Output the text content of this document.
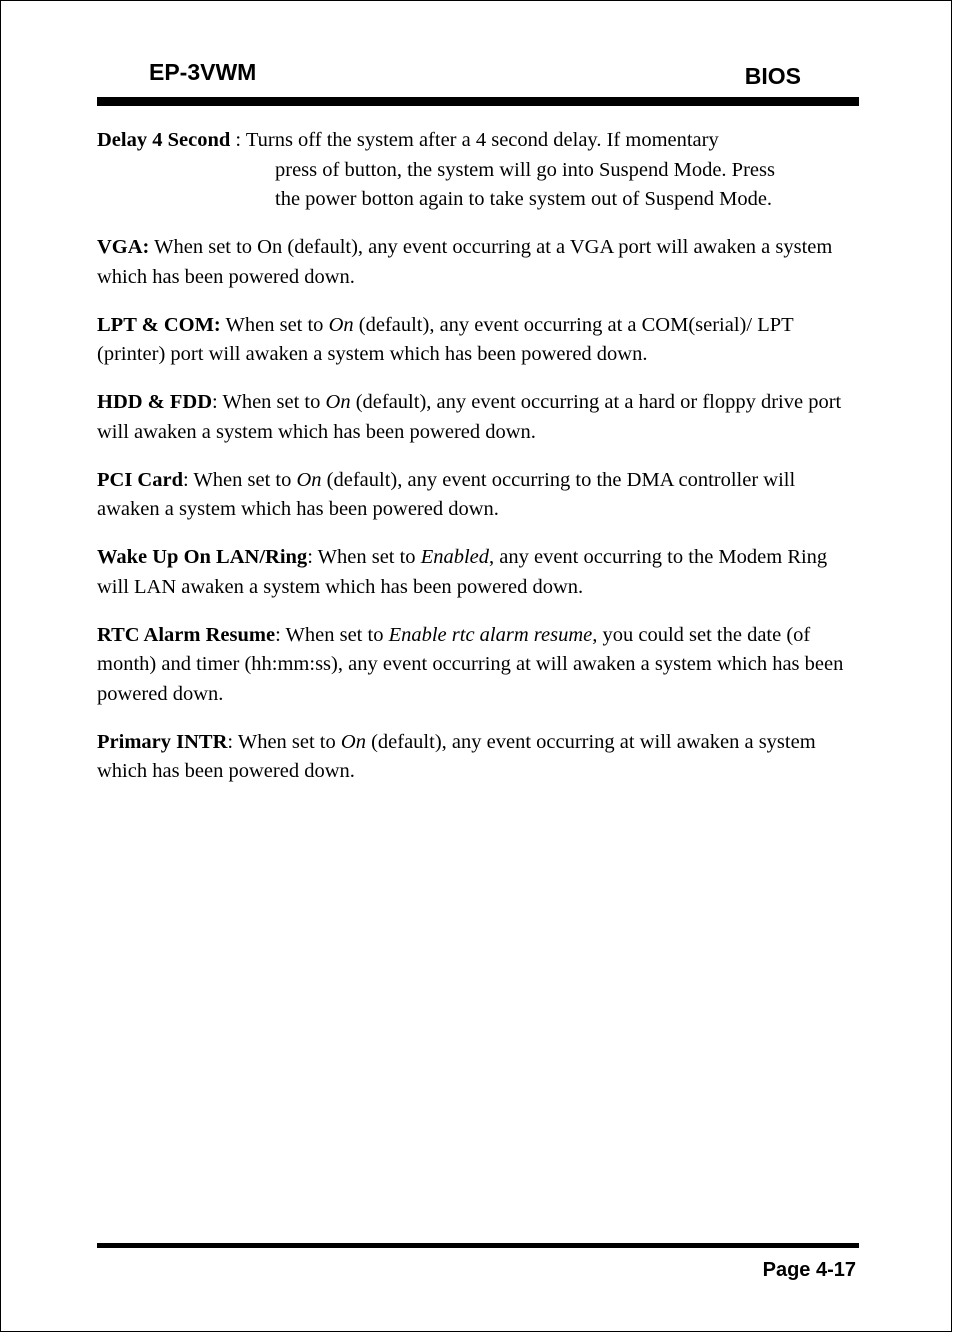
EP-3VWM	BIOS

Delay 4 Second : Turns off the system after a 4 second delay. If momentary
press of button, the system will go into Suspend Mode. Press
the power botton again to take system out of Suspend Mode.

VGA: When set to On (default), any event occurring at a VGA port will awaken a system which has been powered down.

LPT & COM: When set to On (default), any event occurring at a COM(serial)/ LPT (printer) port will awaken a system which has been powered down.

HDD & FDD: When set to On (default), any event occurring at a hard or floppy drive port will awaken a system which has been powered down.

PCI Card: When set to On (default), any event occurring to the DMA controller will awaken a system which has been powered down.

Wake Up On LAN/Ring: When set to Enabled, any event occurring to the Modem Ring will LAN awaken a system which has been powered down.

RTC Alarm Resume: When set to Enable rtc alarm resume, you could set the date (of month) and timer (hh:mm:ss), any event occurring at will awaken a system which has been powered down.

Primary INTR: When set to On (default), any event occurring at will awaken a system which has been powered down.

Page 4-17
